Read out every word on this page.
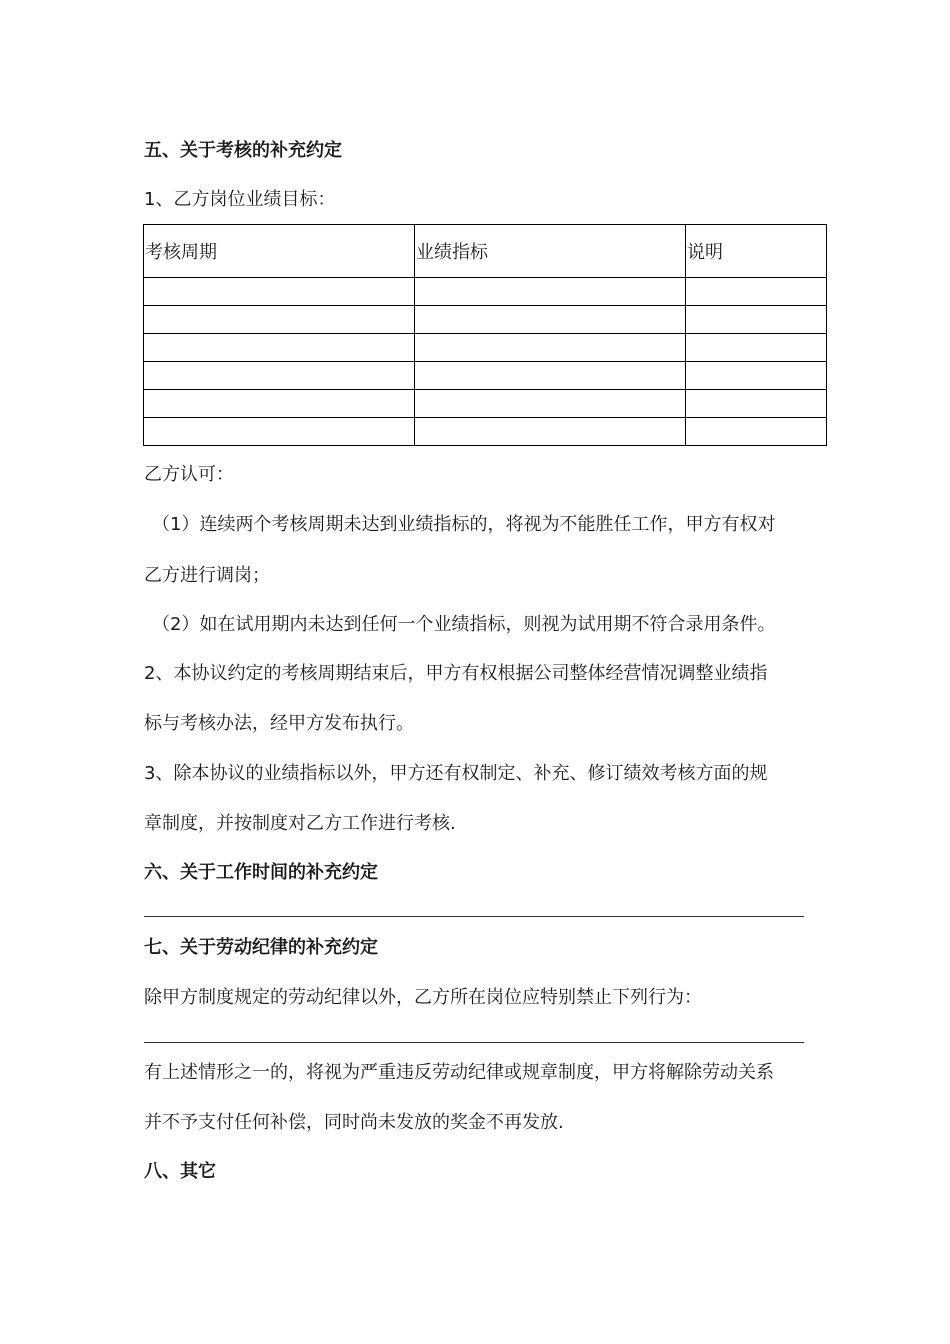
五、关于考核的补充约定
1、乙方岗位业绩目标：
考核周期	业绩指标	说明

乙方认可：
（1）连续两个考核周期未达到业绩指标的，将视为不能胜任工作，甲方有权对
乙方进行调岗；
（2）如在试用期内未达到任何一个业绩指标，则视为试用期不符合录用条件。
2、本协议约定的考核周期结束后，甲方有权根据公司整体经营情况调整业绩指
标与考核办法，经甲方发布执行。
3、除本协议的业绩指标以外，甲方还有权制定、补充、修订绩效考核方面的规
章制度，并按制度对乙方工作进行考核.
六、关于工作时间的补充约定
七、关于劳动纪律的补充约定
除甲方制度规定的劳动纪律以外，乙方所在岗位应特别禁止下列行为：
有上述情形之一的，将视为严重违反劳动纪律或规章制度，甲方将解除劳动关系
并不予支付任何补偿，同时尚未发放的奖金不再发放.
八、其它
